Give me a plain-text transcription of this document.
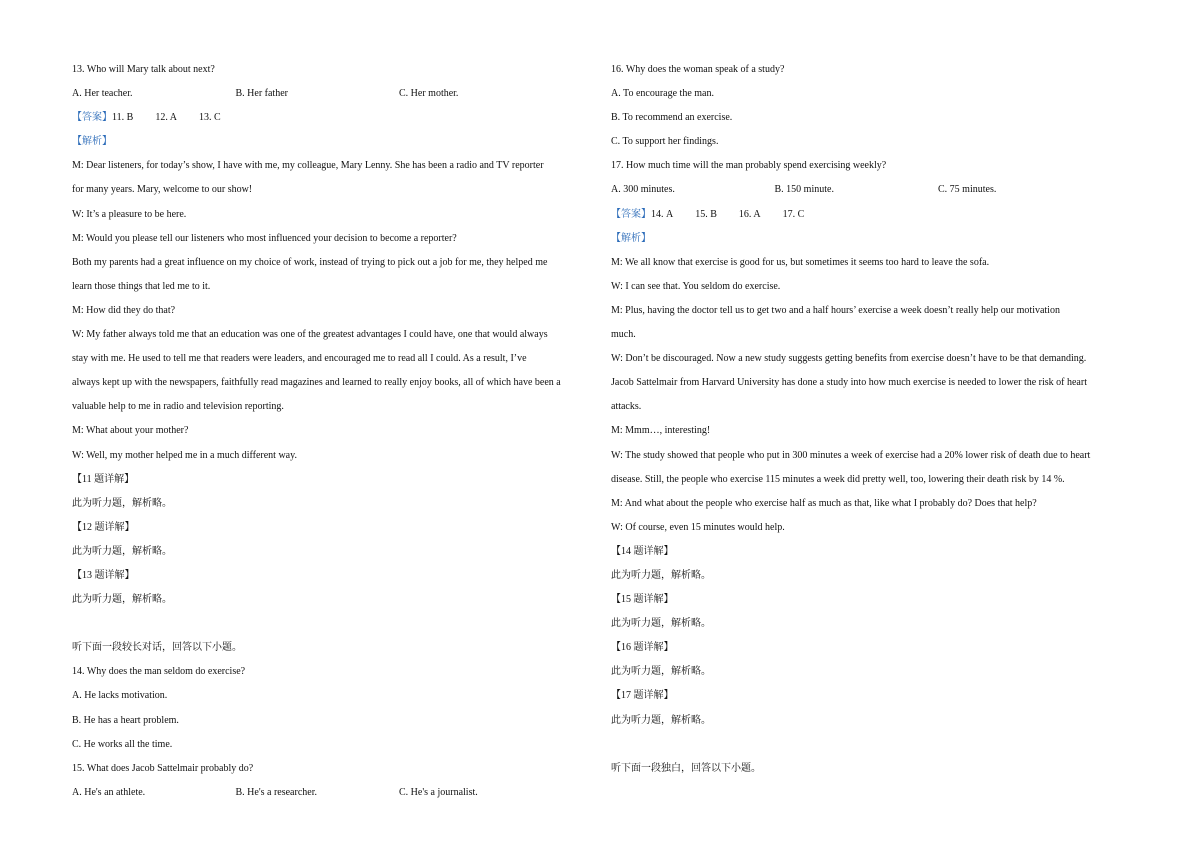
13. Who will Mary talk about next?
A. Her teacher.	B. Her father	C. Her mother.
【答案】11. B 12. A 13. C
【解析】
M: Dear listeners, for today’s show, I have with me, my colleague, Mary Lenny. She has been a radio and TV reporter
for many years. Mary, welcome to our show!
W: It’s a pleasure to be here.
M: Would you please tell our listeners who most influenced your decision to become a reporter?
Both my parents had a great influence on my choice of work, instead of trying to pick out a job for me, they helped me
learn those things that led me to it.
M: How did they do that?
W: My father always told me that an education was one of the greatest advantages I could have, one that would always
stay with me. He used to tell me that readers were leaders, and encouraged me to read all I could. As a result, I’ve
always kept up with the newspapers, faithfully read magazines and learned to really enjoy books, all of which have been a
valuable help to me in radio and television reporting.
M: What about your mother?
W: Well, my mother helped me in a much different way.
【11 题详解】
此为听力题，解析略。
【12 题详解】
此为听力题，解析略。
【13 题详解】
此为听力题，解析略。
听下面一段较长对话，回答以下小题。
14. Why does the man seldom do exercise?
A. He lacks motivation.
B. He has a heart problem.
C. He works all the time.
15. What does Jacob Sattelmair probably do?
A. He's an athlete.	B. He's a researcher.	C. He's a journalist.
16. Why does the woman speak of a study?
A. To encourage the man.
B. To recommend an exercise.
C. To support her findings.
17. How much time will the man probably spend exercising weekly?
A. 300 minutes.	B. 150 minute.	C. 75 minutes.
【答案】14. A 15. B 16. A 17. C
【解析】
M: We all know that exercise is good for us, but sometimes it seems too hard to leave the sofa.
W: I can see that. You seldom do exercise.
M: Plus, having the doctor tell us to get two and a half hours’ exercise a week doesn’t really help our motivation
much.
W: Don’t be discouraged. Now a new study suggests getting benefits from exercise doesn’t have to be that demanding.
Jacob Sattelmair from Harvard University has done a study into how much exercise is needed to lower the risk of heart
attacks.
M: Mmm…, interesting!
W: The study showed that people who put in 300 minutes a week of exercise had a 20% lower risk of death due to heart
disease. Still, the people who exercise 115 minutes a week did pretty well, too, lowering their death risk by 14 %.
M: And what about the people who exercise half as much as that, like what I probably do? Does that help?
W: Of course, even 15 minutes would help.
【14 题详解】
此为听力题，解析略。
【15 题详解】
此为听力题，解析略。
【16 题详解】
此为听力题，解析略。
【17 题详解】
此为听力题，解析略。
听下面一段独白，回答以下小题。
